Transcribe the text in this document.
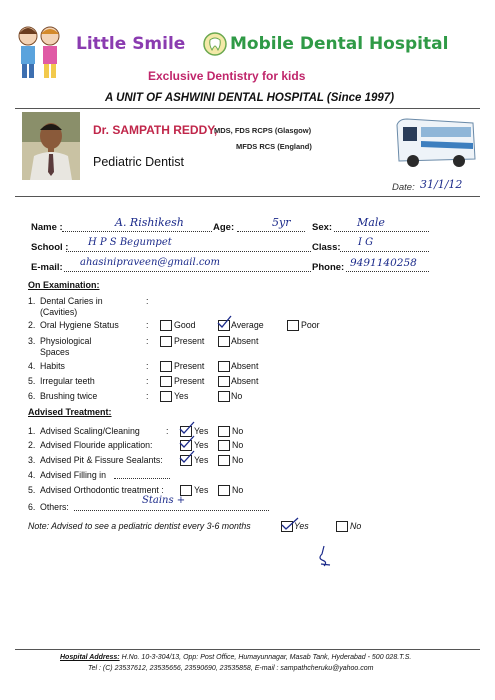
Little Smile	Mobile Dental Hospital
Exclusive Dentistry for kids
A UNIT OF ASHWINI DENTAL HOSPITAL (Since 1997)
Dr. SAMPATH REDDY,
MDS, FDS RCPS (Glasgow)
MFDS RCS (England)
Pediatric Dentist
Date: 31/1/12
Name :	A. Rishikesh	Age:	5yr Sex: Male
School : H P S Begumpet	Class: I G
E-mail: ahasinipraveen@gmail.com	Phone: 9491140258
On Examination:
1. Dental Caries in
(Cavities)
:
2. Oral Hygiene Status	:	Good	Average	Poor
3. Physiological
Spaces
:	Present	Absent
4. Habits	:	Present	Absent
5. Irregular teeth	:	Present	Absent
6. Brushing twice	:	Yes	No
Advised Treatment:
1. Advised Scaling/Cleaning	:	Yes	No
2. Advised Flouride application:	Yes	No
3. Advised Pit & Fissure Sealants:	Yes	No
4. Advised Filling in
5. Advised Orthodontic treatment :	Yes	No
6. Others:
Stains +
Note: Advised to see a pediatric dentist every 3-6 months	Yes	No
Hospital Address: H.No. 10-3-304/13, Opp: Post Office, Humayunnagar, Masab Tank, Hyderabad - 500 028.T.S.
Tel : (C) 23537612, 23535656, 23590690, 23535858, E-mail : sampathcheruku@yahoo.com
